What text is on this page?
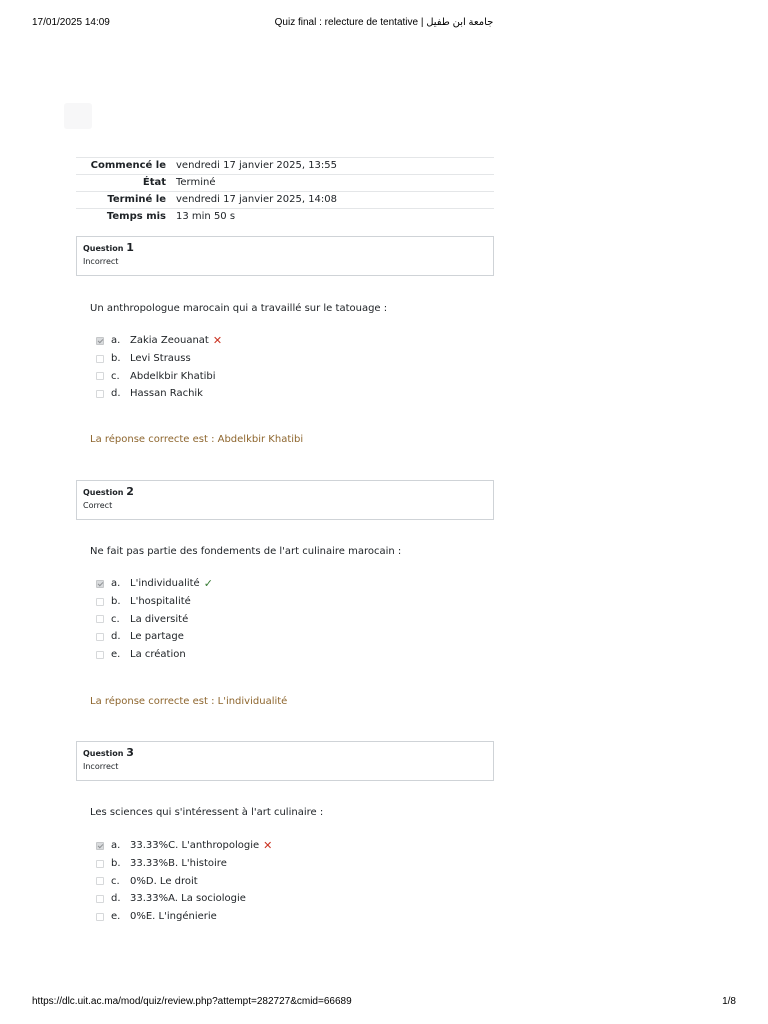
17/01/2025 14:09	Quiz final : relecture de tentative | جامعة ابن طفيل
Commencé le	vendredi 17 janvier 2025, 13:55
État	Terminé
Terminé le	vendredi 17 janvier 2025, 14:08
Temps mis	13 min 50 s
Question 1
Incorrect
Un anthropologue marocain qui a travaillé sur le tatouage :
a. Zakia Zeouanat ✕
b. Levi Strauss
c. Abdelkbir Khatibi
d. Hassan Rachik
La réponse correcte est : Abdelkbir Khatibi
Question 2
Correct
Ne fait pas partie des fondements de l'art culinaire marocain :
a. L'individualité ✓
b. L'hospitalité
c. La diversité
d. Le partage
e. La création
La réponse correcte est : L'individualité
Question 3
Incorrect
Les sciences qui s'intéressent à l'art culinaire :
a. 33.33%C. L'anthropologie ✕
b. 33.33%B. L'histoire
c. 0%D. Le droit
d. 33.33%A. La sociologie
e. 0%E. L'ingénierie
https://dlc.uit.ac.ma/mod/quiz/review.php?attempt=282727&cmid=66689	1/8
